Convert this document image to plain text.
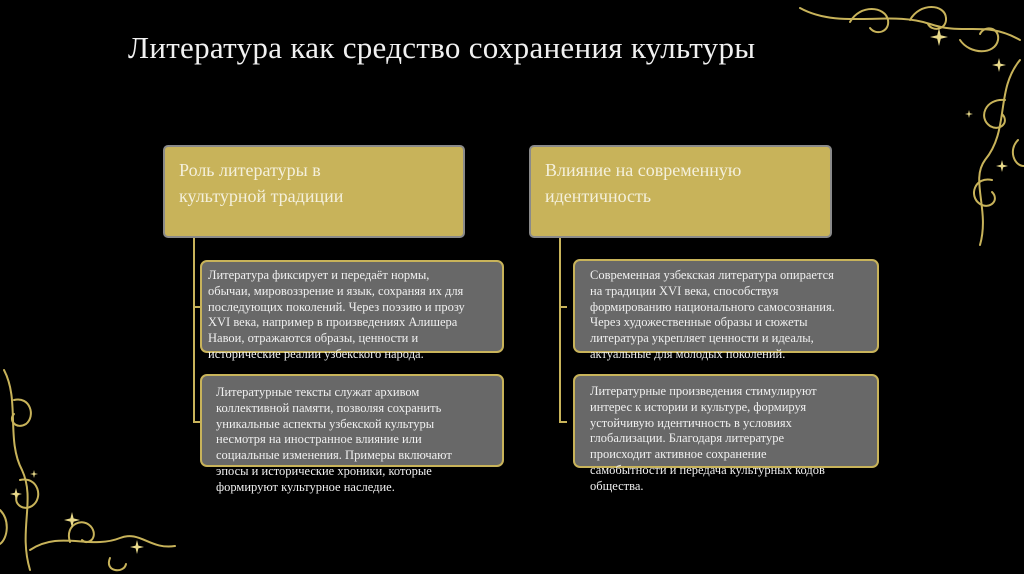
Литература как средство сохранения культуры
Роль литературы в
культурной традиции

Литература фиксирует и передаёт нормы,
обычаи, мировоззрение и язык, сохраняя их для
последующих поколений. Через поэзию и прозу
XVI века, например в произведениях Алишера
Навои, отражаются образы, ценности и
исторические реалии узбекского народа.

Литературные тексты служат архивом
коллективной памяти, позволяя сохранить
уникальные аспекты узбекской культуры
несмотря на иностранное влияние или
социальные изменения. Примеры включают
эпосы и исторические хроники, которые
формируют культурное наследие.

Влияние на современную
идентичность

Современная узбекская литература опирается
на традиции XVI века, способствуя
формированию национального самосознания.
Через художественные образы и сюжеты
литература укрепляет ценности и идеалы,
актуальные для молодых поколений.

Литературные произведения стимулируют
интерес к истории и культуре, формируя
устойчивую идентичность в условиях
глобализации. Благодаря литературе
происходит активное сохранение
самобытности и передача культурных кодов
общества.
